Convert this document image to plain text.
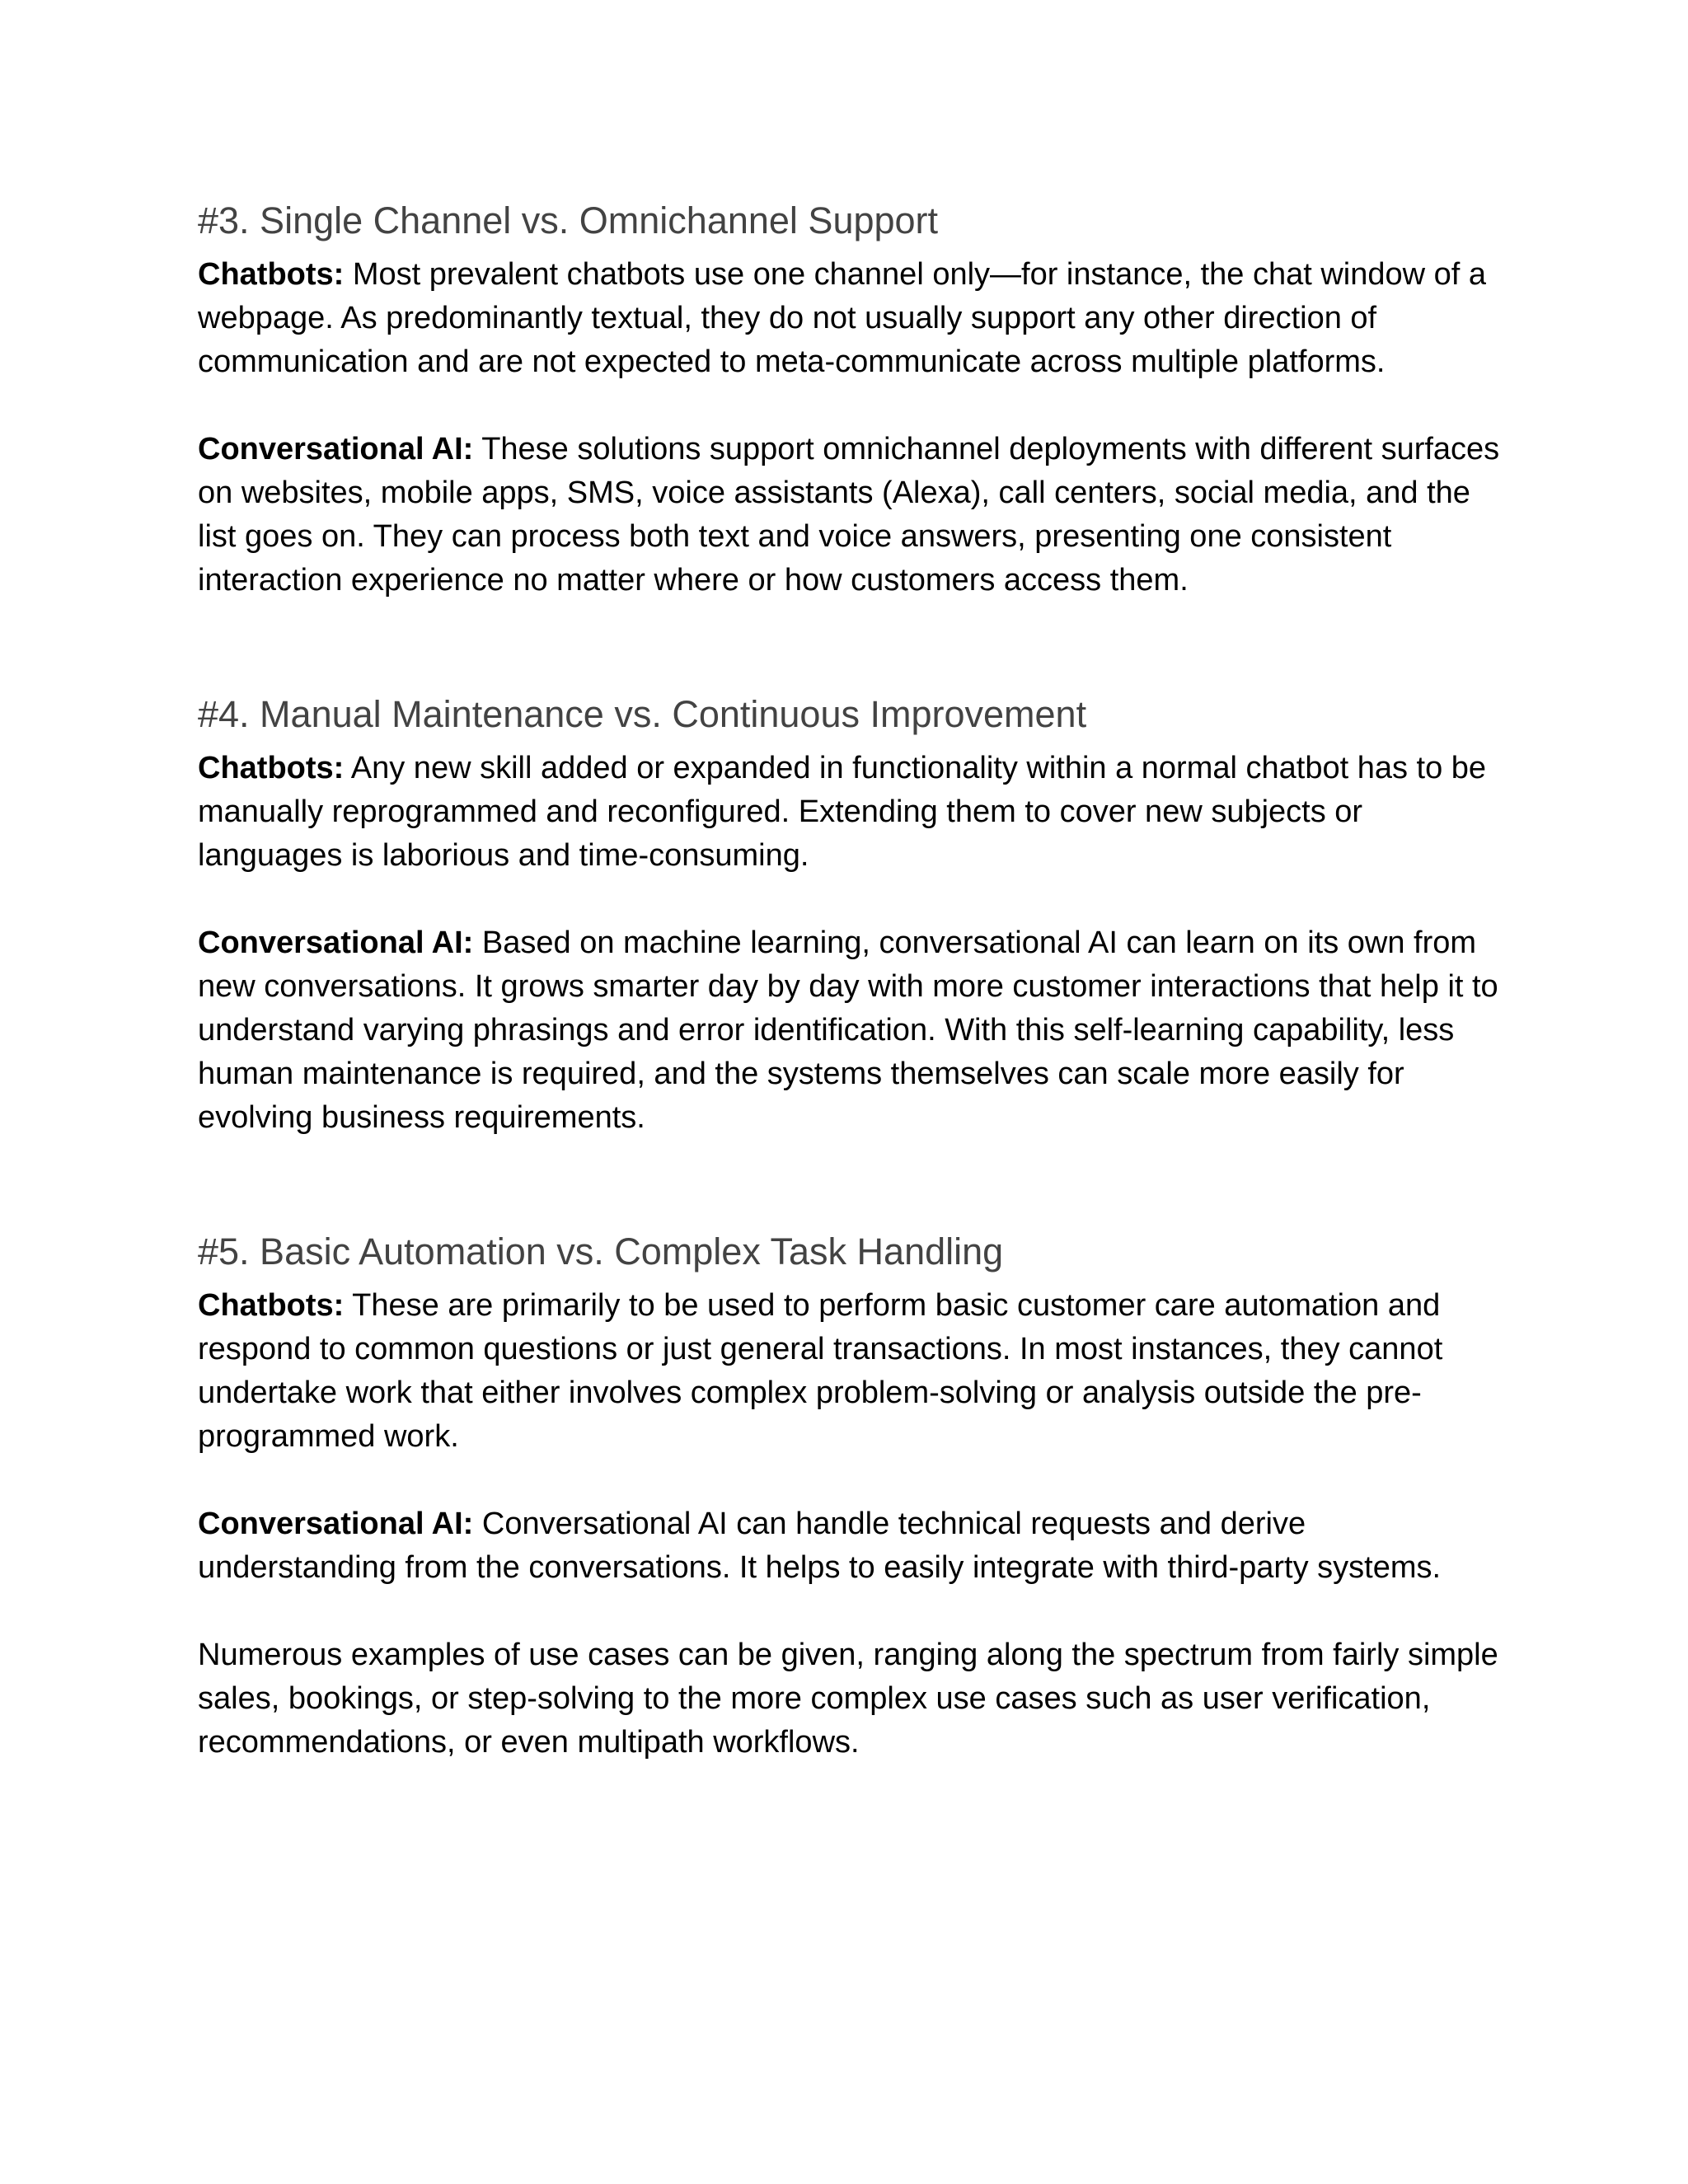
#3. Single Channel vs. Omnichannel Support

Chatbots: Most prevalent chatbots use one channel only—for instance, the chat window of a webpage. As predominantly textual, they do not usually support any other direction of communication and are not expected to meta-communicate across multiple platforms.

Conversational AI: These solutions support omnichannel deployments with different surfaces on websites, mobile apps, SMS, voice assistants (Alexa), call centers, social media, and the list goes on. They can process both text and voice answers, presenting one consistent interaction experience no matter where or how customers access them.

#4. Manual Maintenance vs. Continuous Improvement

Chatbots: Any new skill added or expanded in functionality within a normal chatbot has to be manually reprogrammed and reconfigured. Extending them to cover new subjects or languages is laborious and time-consuming.

Conversational AI: Based on machine learning, conversational AI can learn on its own from new conversations. It grows smarter day by day with more customer interactions that help it to understand varying phrasings and error identification. With this self-learning capability, less human maintenance is required, and the systems themselves can scale more easily for evolving business requirements.

#5. Basic Automation vs. Complex Task Handling

Chatbots: These are primarily to be used to perform basic customer care automation and respond to common questions or just general transactions. In most instances, they cannot undertake work that either involves complex problem-solving or analysis outside the pre-programmed work.

Conversational AI: Conversational AI can handle technical requests and derive understanding from the conversations. It helps to easily integrate with third-party systems.

Numerous examples of use cases can be given, ranging along the spectrum from fairly simple sales, bookings, or step-solving to the more complex use cases such as user verification, recommendations, or even multipath workflows.
